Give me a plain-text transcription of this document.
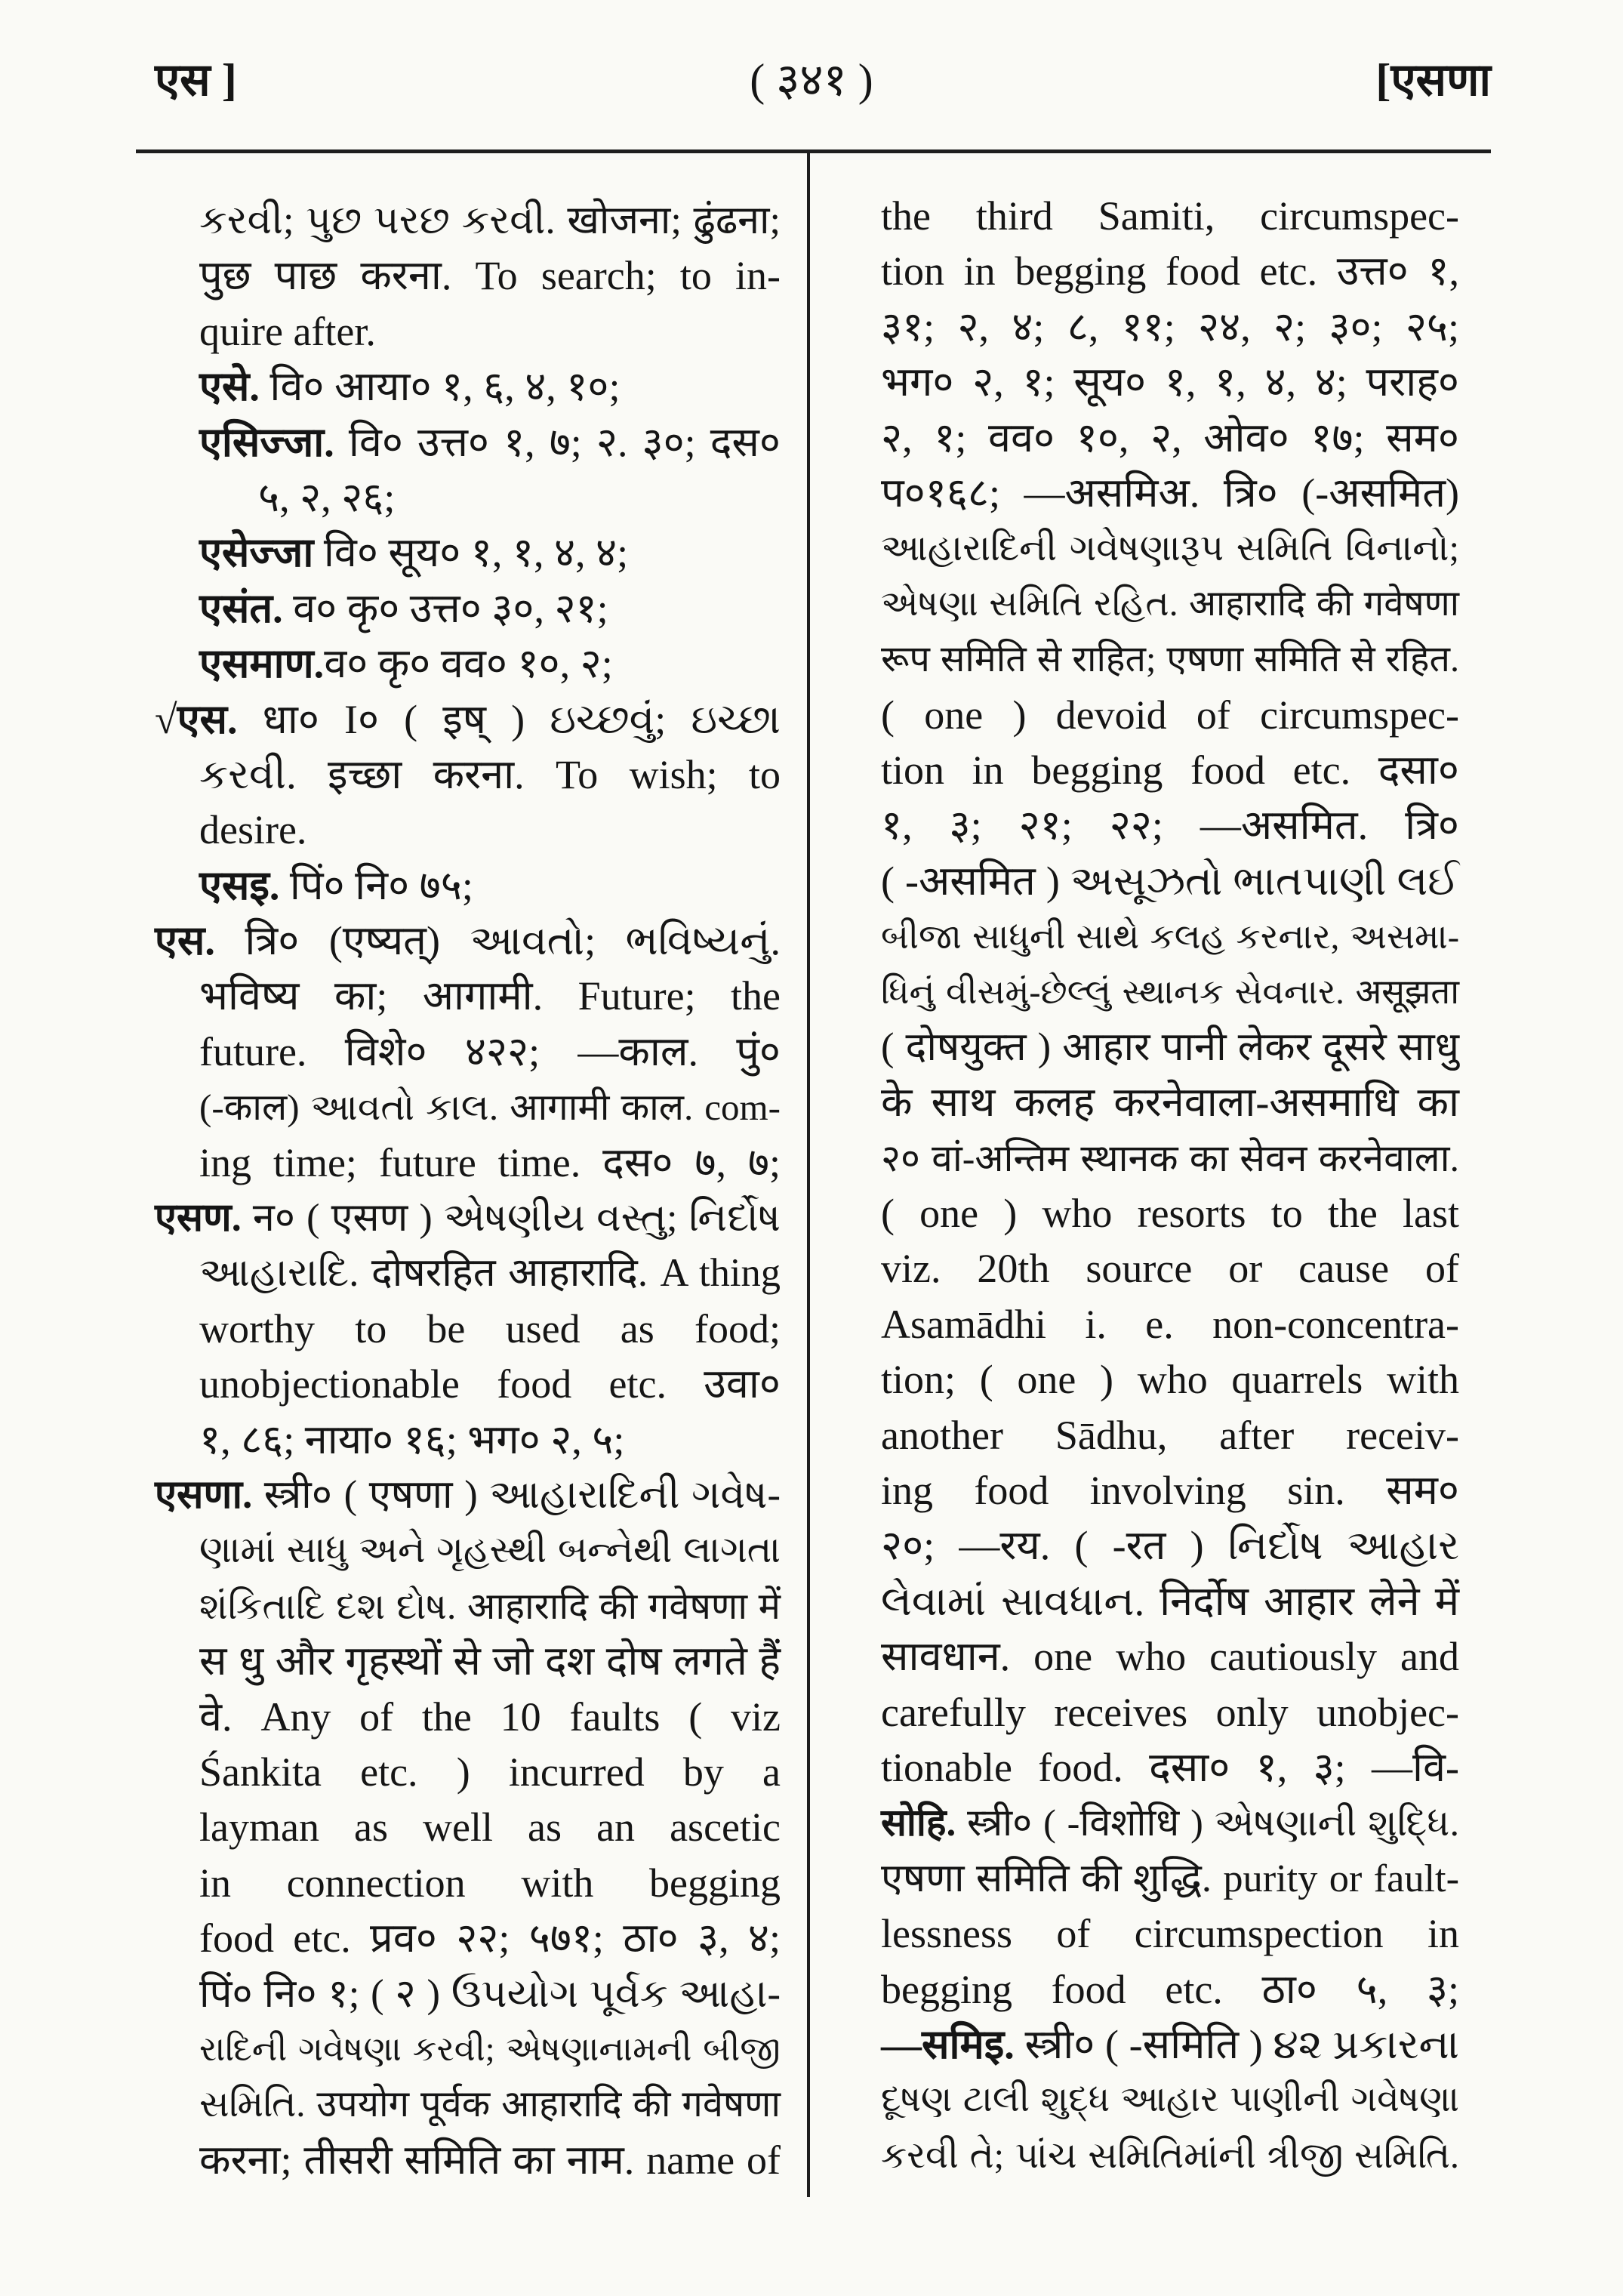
एस ]	( ३४१ )	[एसणा
કરવી; પુછ પરછ કરવી. खोजना; ढुंढना;
पुछ पाछ करना. To search; to in-
quire after.
एसे. वि० आया० १, ६, ४, १०;
एसिज्जा. वि० उत्त० १, ७; २. ३०; दस०
५, २, २६;
एसेज्जा वि० सूय० १, १, ४, ४;
एसंत. व० कृ० उत्त० ३०, २१;
एसमाण.व० कृ० वव० १०, २;
√एस. धा० I० ( इष् ) ઇચ્છવું; ઇચ્છા
કરવી. इच्छा करना. To wish; to
desire.
एसइ. पिं० नि० ७५;
एस. त्रि० (एष्यत्) આવતો; ભવિષ્યનું.
भविष्य का; आगामी. Future; the
future. विशे० ४२२; —काल. पुं०
(-काल) આવતો કાલ. आगामी काल. com-
ing time; future time. दस० ७, ७;
एसण. न० ( एसण ) એષણીય વસ્તુ; નિર્દોષ
આહારાદિ. दोषरहित आहारादि. A thing
worthy to be used as food;
unobjectionable food etc. उवा०
१, ८६; नाया० १६; भग० २, ५;
एसणा. स्त्री० ( एषणा ) આહારાદિની ગવેષ-
ણામાં સાધુ અને ગૃહસ્થી બન્નેથી લાગતા
શંકિતાદિ દશ દોષ. आहारादि की गवेषणा में
स धु और गृहस्थों से जो दश दोष लगते हैं
वे. Any of the 10 faults ( viz
Śankita etc. ) incurred by a
layman as well as an ascetic
in connection with begging
food etc. प्रव० २२; ५७१; ठा० ३, ४;
पिं० नि० १; ( २ ) ઉપયોગ પૂર્વક આહા-
રાદિની ગવેષણા કરવી; એષણાનામની બીજી
સમિતિ. उपयोग पूर्वक आहारादि की गवेषणा
करना; तीसरी समिति का नाम. name of
the third Samiti, circumspec-
tion in begging food etc. उत्त० १,
३१; २, ४; ८, ११; २४, २; ३०; २५;
भग० २, १; सूय० १, १, ४, ४; पराह०
२, १; वव० १०, २, ओव० १७; सम०
प०१६८; —असमिअ. त्रि० (-असमित)
આહારાદિની ગવેષણારૂપ સમિતિ વિનાનો;
એષણા સમિતિ રહિત. आहारादि की गवेषणा
रूप समिति से राहित; एषणा समिति से रहित.
( one ) devoid of circumspec-
tion in begging food etc. दसा०
१, ३; २१; २२; —असमित. त्रि०
( -असमित ) અસૂઝતો ભાતપાણી લઈ
બીજા સાધુની સાથે કલહ કરનાર, અસમા-
ધિનું વીસમું-છેલ્લું સ્થાનક સેવનાર. असूझता
( दोषयुक्त ) आहार पानी लेकर दूसरे साधु
के साथ कलह करनेवाला-असमाधि का
२० वां-अन्तिम स्थानक का सेवन करनेवाला.
( one ) who resorts to the last
viz. 20th source or cause of
Asamādhi i. e. non-concentra-
tion; ( one ) who quarrels with
another Sādhu, after receiv-
ing food involving sin. सम०
२०; —रय. ( -रत ) નિર્દોષ આહાર
લેવામાં સાવધાન. निर्दोष आहार लेने में
सावधान. one who cautiously and
carefully receives only unobjec-
tionable food. दसा० १, ३; —वि-
सोहि. स्त्री० ( -विशोधि ) એષણાની શુદ્ધિ.
एषणा समिति की शुद्धि. purity or fault-
lessness of circumspection in
begging food etc. ठा० ५, ३;
—समिइ. स्त्री० ( -समिति ) ૪૨ પ્રકારના
દૂષણ ટાલી શુદ્ધ આહાર પાણીની ગવેષણા
કરવી તે; પાંચ સમિતિમાંની ત્રીજી સમિતિ.
